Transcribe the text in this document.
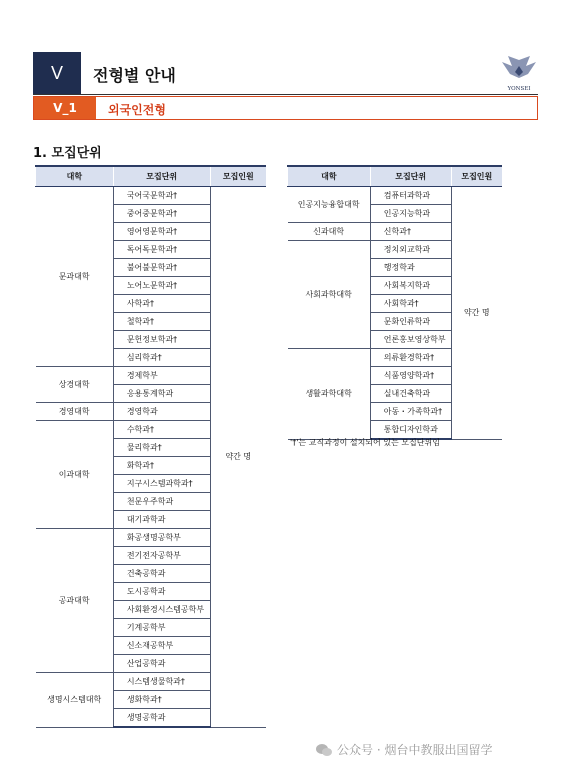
V	전형별 안내
YONSEI
V_1	외국인전형
1. 모집단위
대학	모집단위	모집인원
문과대학	국어국문학과†	약간 명
	중어중문학과†	
	영어영문학과†	
	독어독문학과†	
	불어불문학과†	
	노어노문학과†	
	사학과†	
	철학과†	
	문헌정보학과†	
	심리학과†	
상경대학	경제학부	
	응용통계학과	
경영대학	경영학과	
이과대학	수학과†	
	물리학과†	
	화학과†	
	지구시스템과학과†	
	천문우주학과	
	대기과학과	
공과대학	화공생명공학부	
	전기전자공학부	
	건축공학과	
	도시공학과	
	사회환경시스템공학부	
	기계공학부	
	신소재공학부	
	산업공학과	
생명시스템대학	시스템생물학과†	
	생화학과†	
	생명공학과	
대학	모집단위	모집인원
인공지능융합대학	컴퓨터과학과	약간 명
	인공지능학과	
신과대학	신학과†	
사회과학대학	정치외교학과	
	행정학과	
	사회복지학과	
	사회학과†	
	문화인류학과	
	언론홍보영상학부	
생활과학대학	의류환경학과†	
	식품영양학과†	
	실내건축학과	
	아동・가족학과†	
	통합디자인학과	
'†'는 교직과정이 설치되어 있는 모집단위임
公众号 · 烟台中教服出国留学
